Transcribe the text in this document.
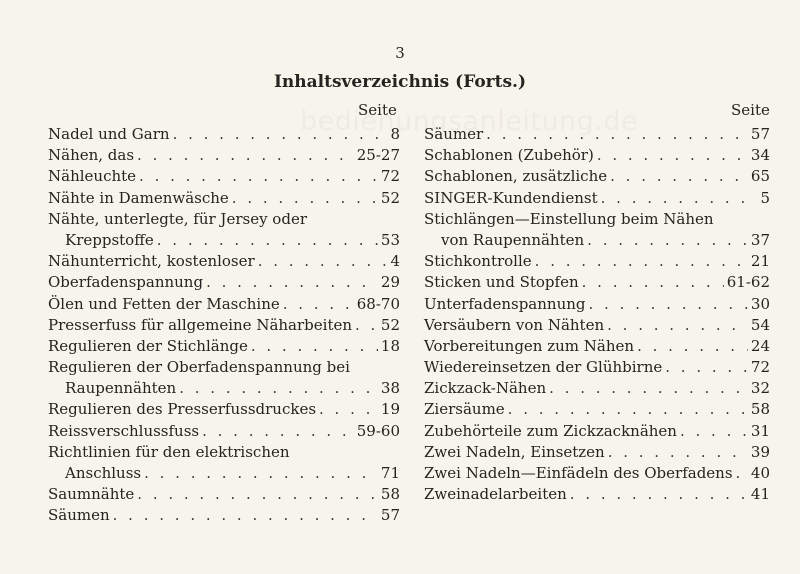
3
Inhaltsverzeichnis (Forts.)
Seite	Seite
Nadel und Garn . . .	8
Nähen, das . . .	25-27
Nähleuchte . . .	72
Nähte in Damenwäsche . . .	52
Nähte, unterlegte, für Jersey oder
Kreppstoffe . . .	53
Nähunterricht, kostenloser . . .	4
Oberfadenspannung . . .	29
Ölen und Fetten der Maschine . . .	68-70
Presserfuss für allgemeine Näharbeiten . . . 52
Regulieren der Stichlänge . . .	18
Regulieren der Oberfadenspannung bei
Raupennähten . . .	38
Regulieren des Presserfussdruckes . . .	19
Reissverschlussfuss . . .	59-60
Richtlinien für den elektrischen
Anschluss . . .	71
Saumnähte . . .	58
Säumen . . .	57
Säumer . . .	57
Schablonen (Zubehör) . . .	34
Schablonen, zusätzliche . . .	65
SINGER-Kundendienst . . .	5
Stichlängen—Einstellung beim Nähen
von Raupennähten . . .	37
Stichkontrolle . . .	21
Sticken und Stopfen . . .	61-62
Unterfadenspannung . . .	30
Versäubern von Nähten . . .	54
Vorbereitungen zum Nähen . . .	24
Wiedereinsetzen der Glühbirne . . .	72
Zickzack-Nähen . . .	32
Ziersäume . . .	58
Zubehörteile zum Zickzacknähen . . .	31
Zwei Nadeln, Einsetzen . . .	39
Zwei Nadeln—Einfädeln des Oberfadens . . . 40
Zweinadelarbeiten . . .	41
